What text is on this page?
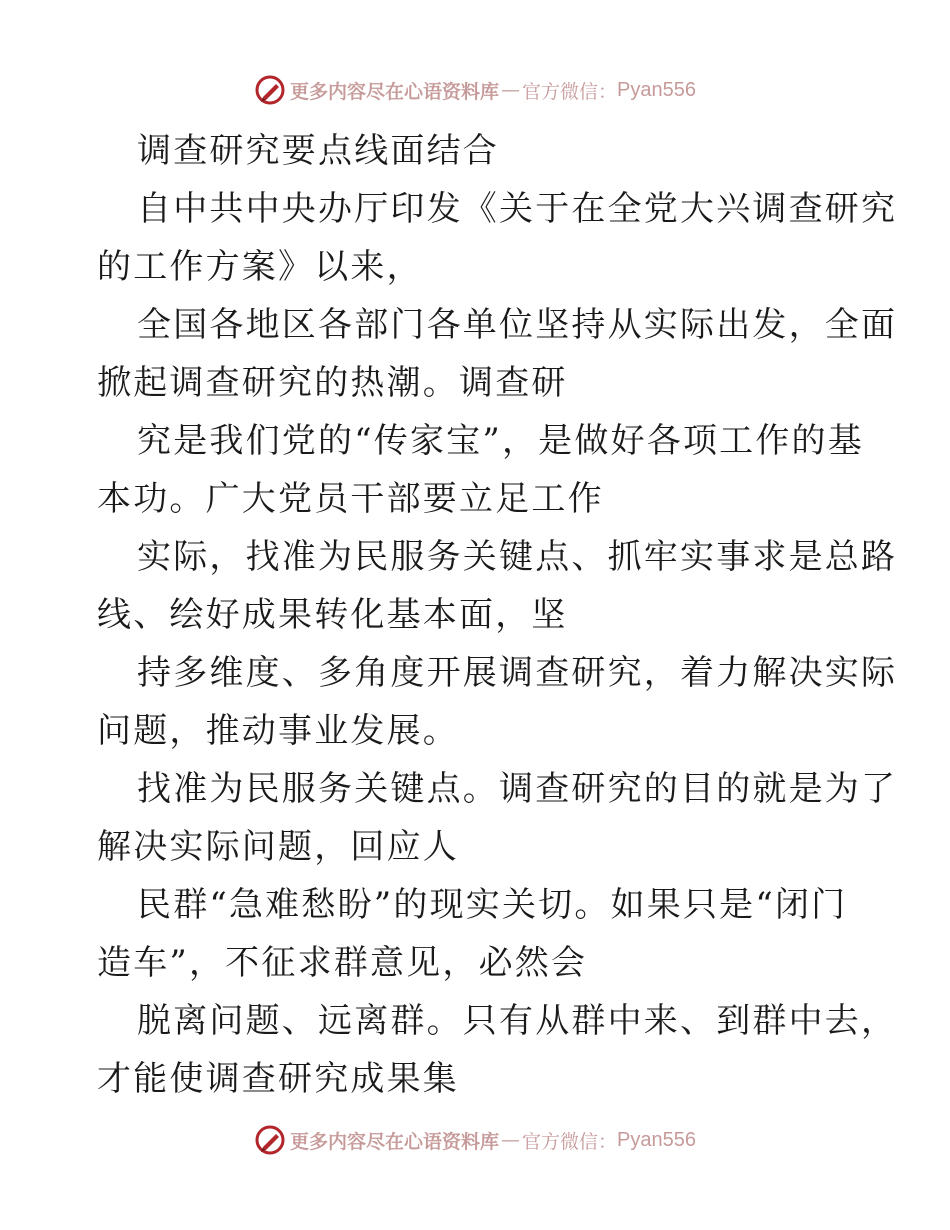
更多内容尽在心语资料库 — 官方微信： Pyan556
调查研究要点线面结合
自中共中央办厅印发《关于在全党大兴调查研究
的工作方案》以来，
全国各地区各部门各单位坚持从实际出发，全面
掀起调查研究的热潮。调查研
究是我们党的“传家宝”，是做好各项工作的基
本功。广大党员干部要立足工作
实际，找准为民服务关键点、抓牢实事求是总路
线、绘好成果转化基本面，坚
持多维度、多角度开展调查研究，着力解决实际
问题，推动事业发展。
找准为民服务关键点。调查研究的目的就是为了
解决实际问题，回应人
民群“急难愁盼”的现实关切。如果只是“闭门
造车”，不征求群意见，必然会
脱离问题、远离群。只有从群中来、到群中去，
才能使调查研究成果集
更多内容尽在心语资料库 — 官方微信： Pyan556
